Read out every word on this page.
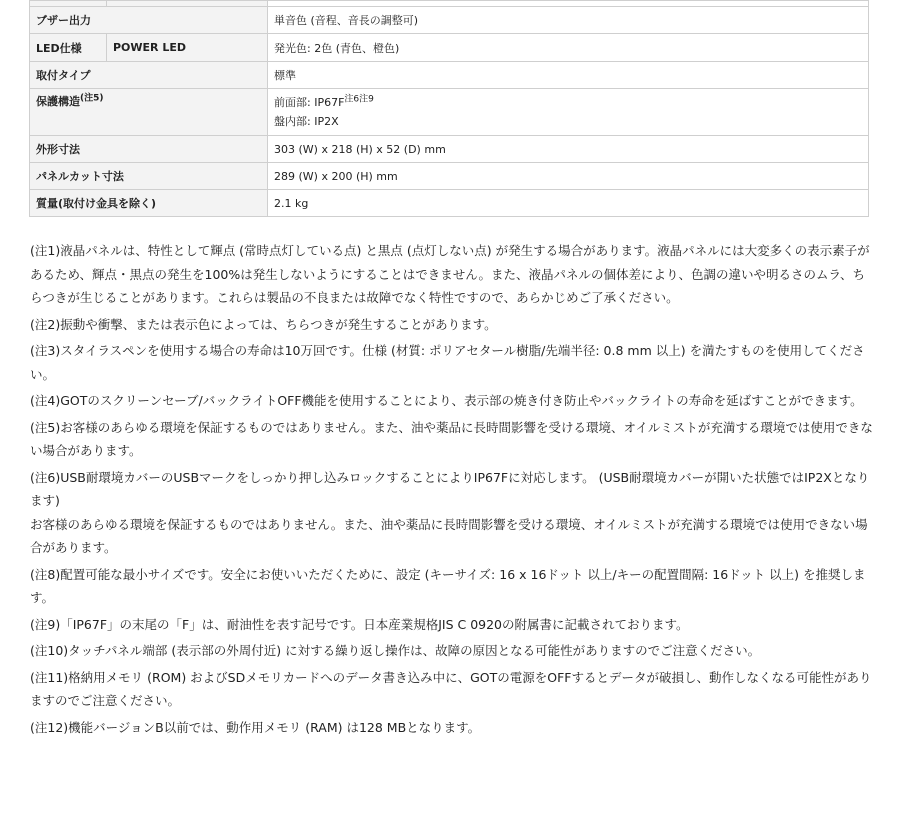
ブザー出力		単音色 (音程、音長の調整可)
LED仕様	POWER LED	発光色: 2色 (青色、橙色)
取付タイプ		標準
保護構造$^{(注5)}$		前面部: $IP67F^{注6注9}$
盤内部: IP2X

外形寸法		303 (W) x 218 (H) x 52 (D) mm
パネルカット寸法		289 (W) x 200 (H) mm
質量(取付け金具を除く)		2.1 kg

(注1)液晶パネルは、特性として輝点 (常時点灯している点) と黒点 (点灯しない点) が発生する場合があります。液晶パネルには大変多くの表示素子があるため、輝点・黒点の発生を100%は発生しないようにすることはできません。また、液晶パネルの個体差により、色調の違いや明るさのムラ、ちらつきが生じることがあります。これらは製品の不良または故障でなく特性ですので、あらかじめご了承ください。

(注2)振動や衝撃、または表示色によっては、ちらつきが発生することがあります。

(注3)スタイラスペンを使用する場合の寿命は10万回です。仕様 (材質: ポリアセタール樹脂/先端半径: 0.8 mm 以上) を満たすものを使用してください。

(注4)GOTのスクリーンセーブ/バックライトOFF機能を使用することにより、表示部の焼き付き防止やバックライトの寿命を延ばすことができます。

(注5)お客様のあらゆる環境を保証するものではありません。また、油や薬品に長時間影響を受ける環境、オイルミストが充満する環境では使用できない場合があります。

(注6)USB耐環境カバーのUSBマークをしっかり押し込みロックすることによりIP67Fに対応します。 (USB耐環境カバーが開いた状態ではIP2Xとなります)

お客様のあらゆる環境を保証するものではありません。また、油や薬品に長時間影響を受ける環境、オイルミストが充満する環境では使用できない場合があります。

(注8)配置可能な最小サイズです。安全にお使いいただくために、設定 (キーサイズ: 16 x 16ドット 以上/キーの配置間隔: 16ドット 以上) を推奨します。

(注9)「IP67F」の末尾の「F」は、耐油性を表す記号です。日本産業規格JIS C 0920の附属書に記載されております。

(注10)タッチパネル端部 (表示部の外周付近) に対する繰り返し操作は、故障の原因となる可能性がありますのでご注意ください。

(注11)格納用メモリ (ROM) およびSDメモリカードへのデータ書き込み中に、GOTの電源をOFFするとデータが破損し、動作しなくなる可能性がありますのでご注意ください。

(注12)機能バージョンB以前では、動作用メモリ (RAM) は128 MBとなります。
